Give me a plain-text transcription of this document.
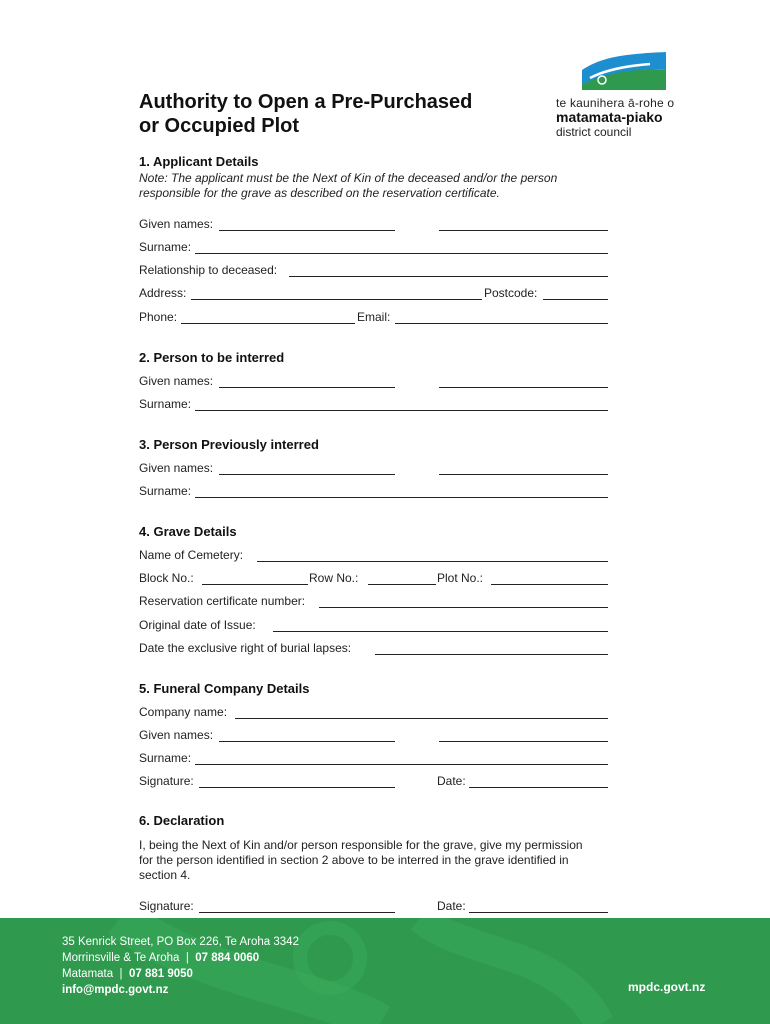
Authority to Open a Pre-Purchased
or Occupied Plot
te kaunihera ā-rohe o
matamata-piako
district council
1. Applicant Details
Note: The applicant must be the Next of Kin of the deceased and/or the person
responsible for the grave as described on the reservation certificate.
Given names:
Surname:
Relationship to deceased:
Address:	Postcode:
Phone:	Email:
2. Person to be interred
Given names:
Surname:
3. Person Previously interred
Given names:
Surname:
4. Grave Details
Name of Cemetery:
Block No.:	Row No.:	Plot No.:
Reservation certificate number:
Original date of Issue:
Date the exclusive right of burial lapses:
5. Funeral Company Details
Company name:
Given names:
Surname:
Signature:	Date:
6. Declaration
I, being the Next of Kin and/or person responsible for the grave, give my permission
for the person identified in section 2 above to be interred in the grave identified in
section 4.
Signature:	Date:
35 Kenrick Street, PO Box 226, Te Aroha 3342
Morrinsville & Te Aroha | 07 884 0060
Matamata | 07 881 9050
info@mpdc.govt.nz	mpdc.govt.nz
